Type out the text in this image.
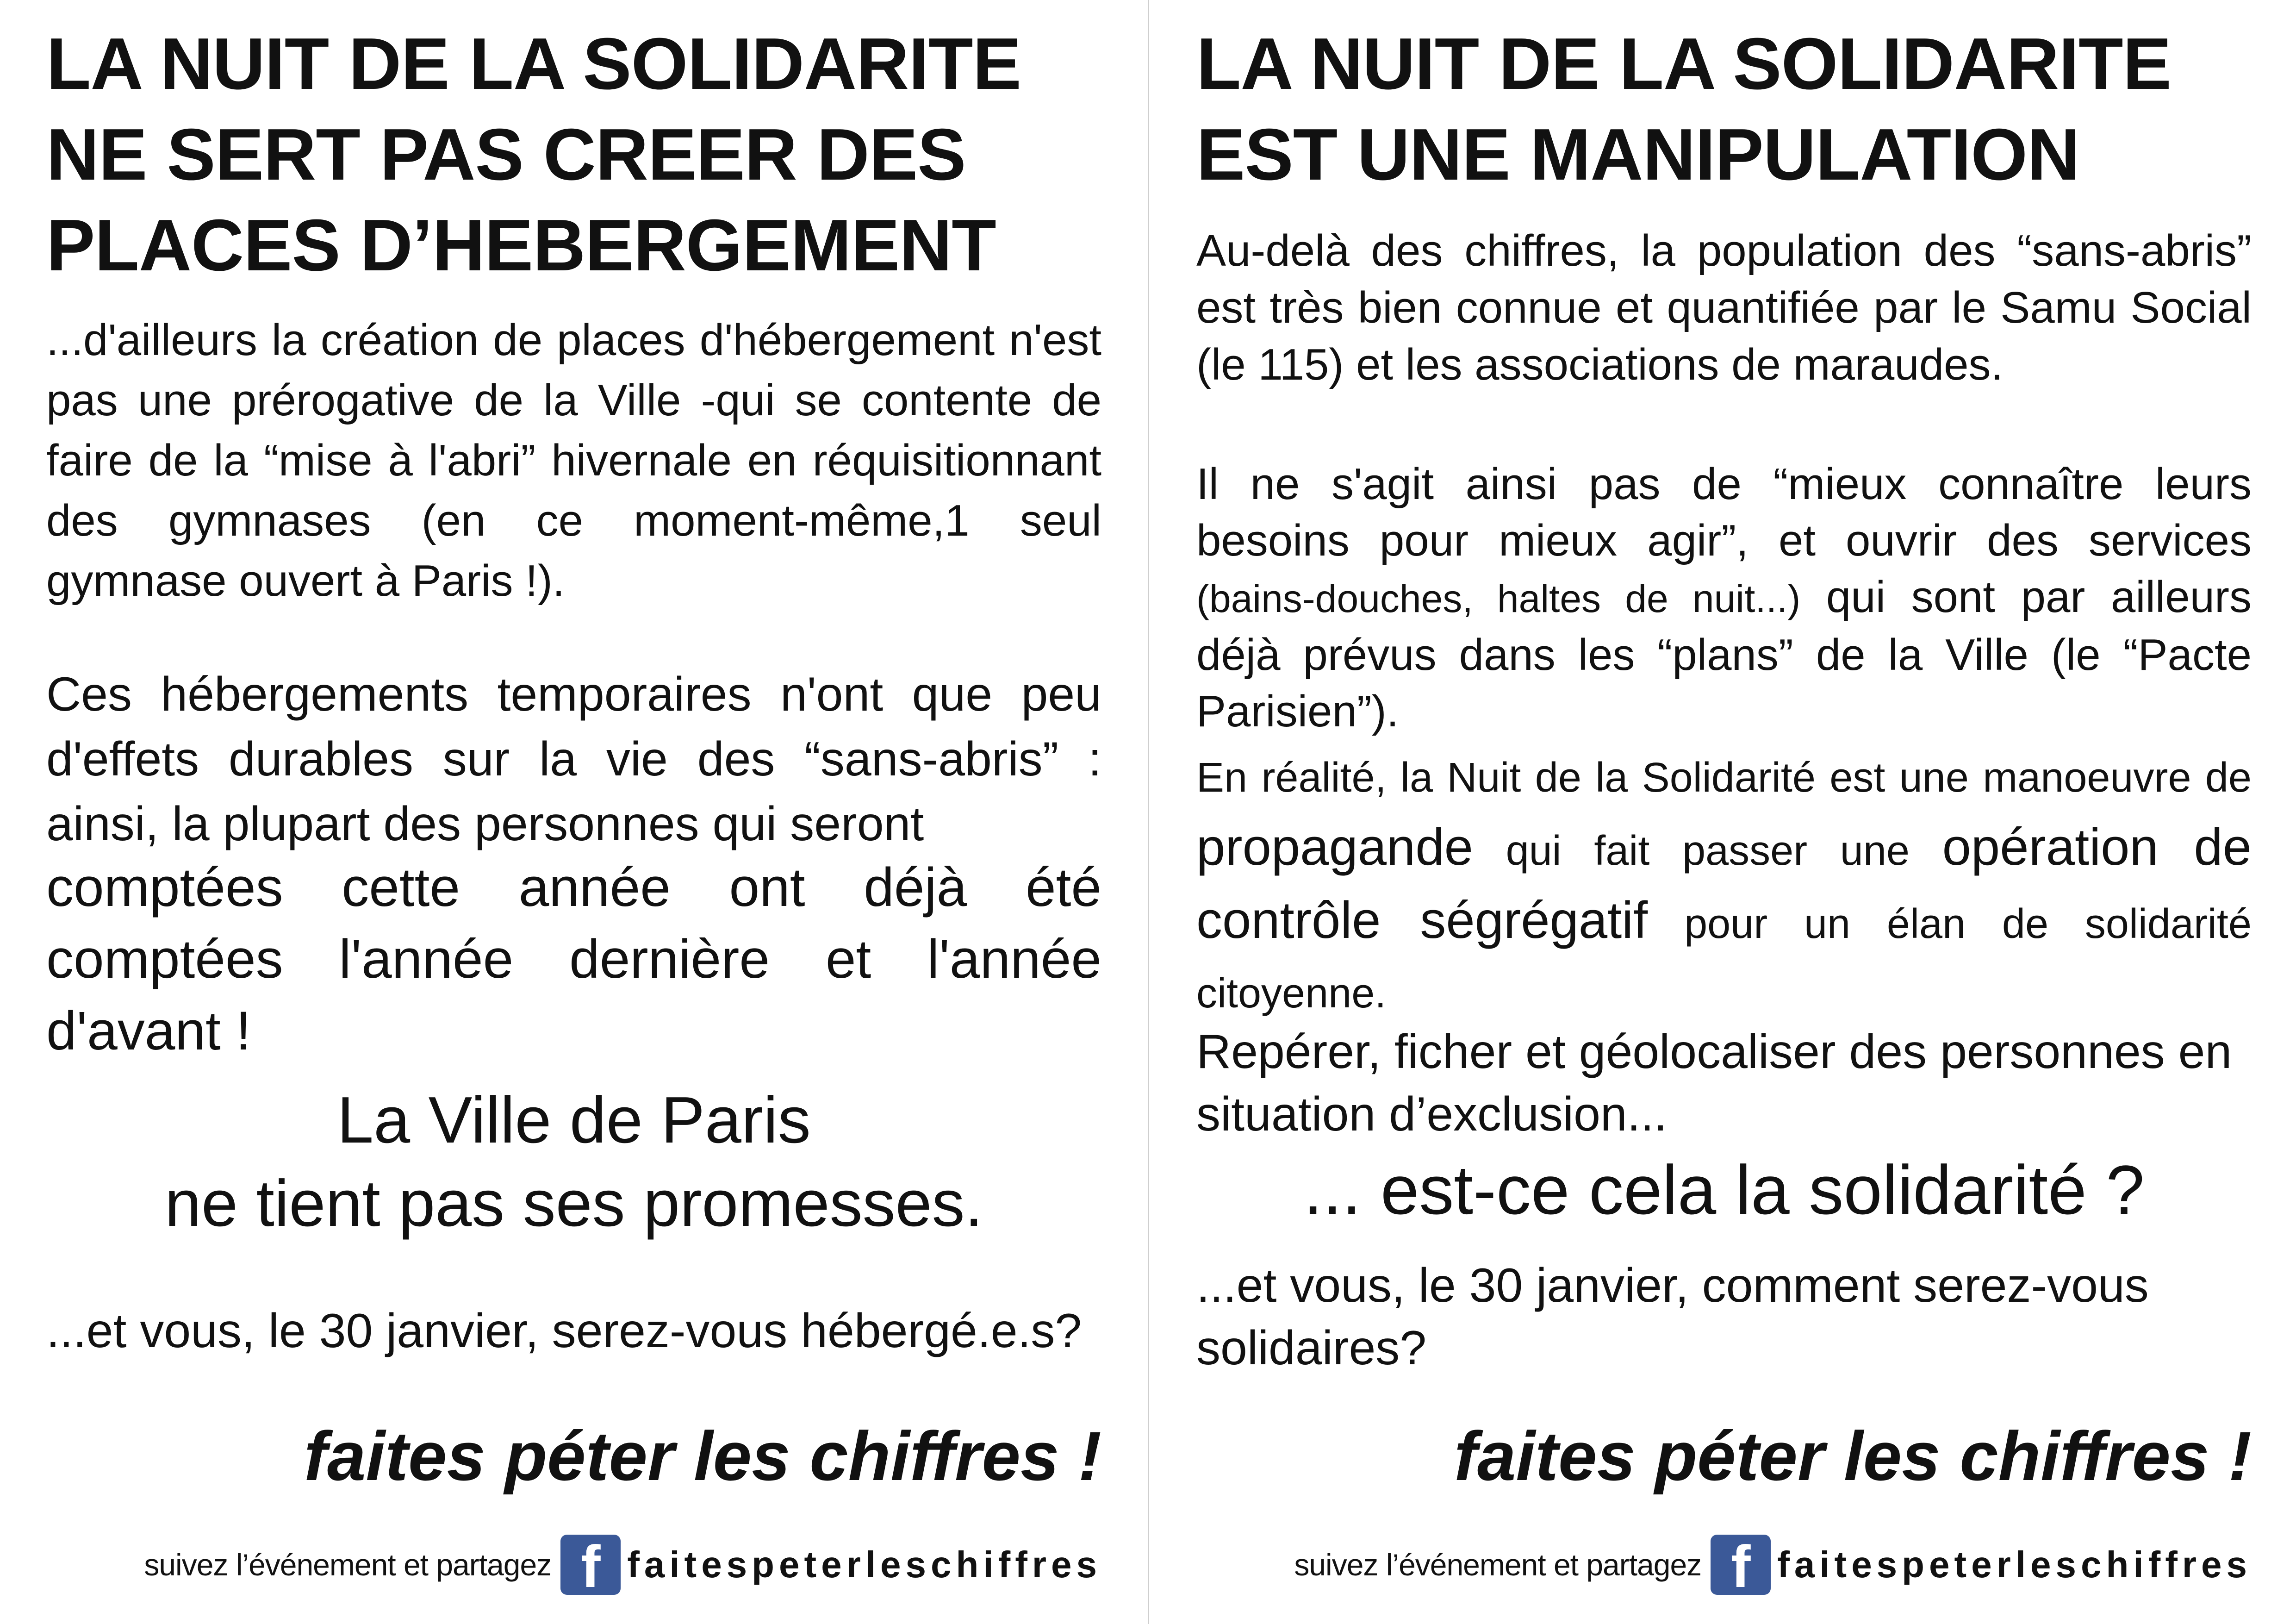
LA NUIT DE LA SOLIDARITE

NE SERT PAS CREER DES

PLACES D’HEBERGEMENT

...d'ailleurs la création de places d'hébergement n'est pas une prérogative de la Ville -qui se contente de faire de la “mise à l'abri” hivernale en réquisitionnant des gymnases (en ce moment-même,1 seul gymnase ouvert à Paris !).

Ces hébergements temporaires n'ont que peu d'effets durables sur la vie des “sans-abris” : ainsi, la plupart des personnes qui seront

comptées cette année ont déjà été comptées l'année dernière et l'année d'avant !

La Ville de Paris

ne tient pas ses promesses.

...et vous, le 30 janvier, serez-vous hébergé.e.s?

faites péter les chiffres !

suivez l’événement et partagez f faitespeterleschiffres

LA NUIT DE LA SOLIDARITE

EST UNE MANIPULATION

Au-delà des chiffres, la population des “sans-abris” est très bien connue et quantifiée par le Samu Social (le 115) et les associations de maraudes.

Il ne s'agit ainsi pas de “mieux connaître leurs besoins pour mieux agir”, et ouvrir des services (bains-douches, haltes de nuit...) qui sont par ailleurs déjà prévus dans les “plans” de la Ville (le “Pacte Parisien”).

En réalité, la Nuit de la Solidarité est une manoeuvre de propagande qui fait passer une opération de contrôle ségrégatif pour un élan de solidarité citoyenne.

Repérer, ficher et géolocaliser des personnes en situation d’exclusion...

... est-ce cela la solidarité ?

...et vous, le 30 janvier, comment serez-vous solidaires?

faites péter les chiffres !

suivez l’événement et partagez f faitespeterleschiffres
